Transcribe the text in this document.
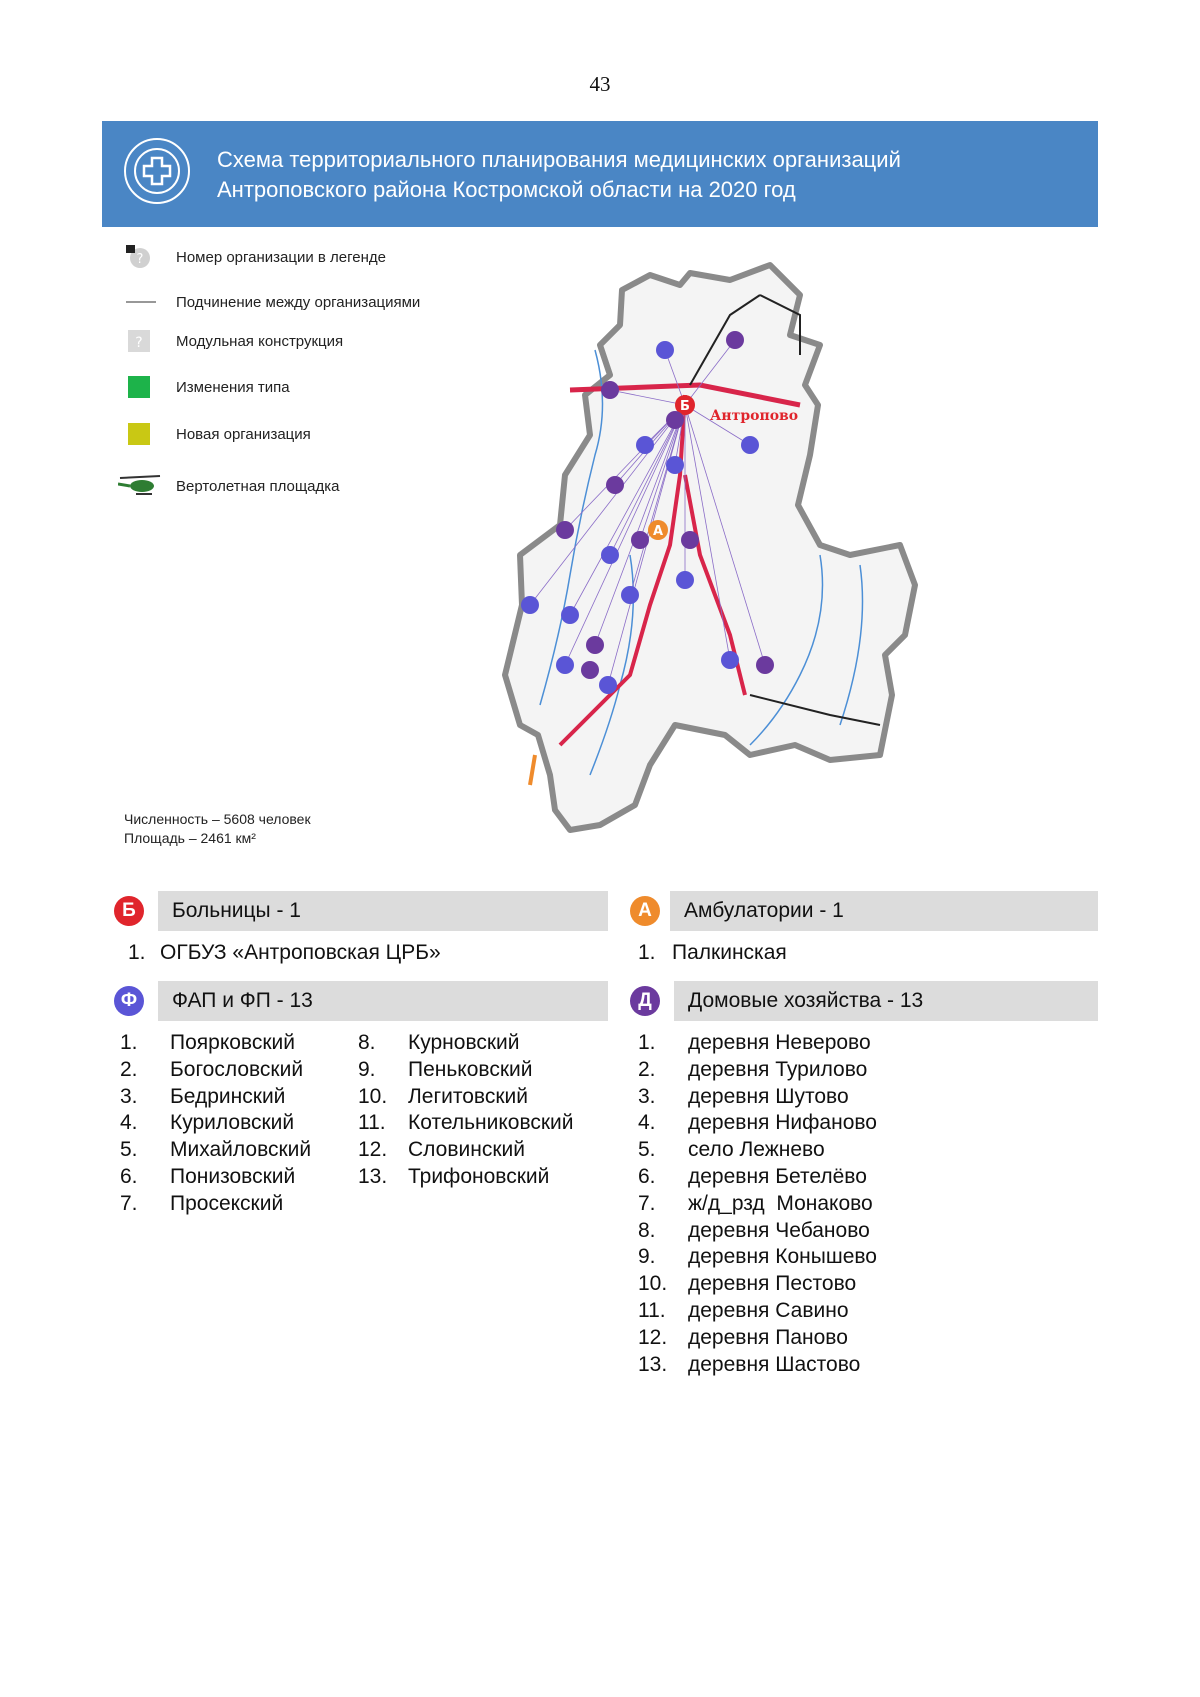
43
Схема территориального планирования медицинских организаций
Антроповского района Костромской области на 2020 год
? Номер организации в легенде
Подчинение между организациями
? Модульная конструкция
Изменения типа
Новая организация
Вертолетная площадка
Численность – 5608 человек
Площадь – 2461 км²
Б
Антропово
А
Б	Больницы - 1
1. ОГБУЗ «Антроповская ЦРБ»
А	Амбулатории - 1
1. Палкинская
Ф	ФАП и ФП - 13
1. Поярковский
2. Богословский
3. Бедринский
4. Куриловский
5. Михайловский
6. Понизовский
7. Просекский
8. Курновский
9. Пеньковский
10. Легитовский
11. Котельниковский
12. Словинский
13. Трифоновский
Д	Домовые хозяйства - 13
1. деревня Неверово
2. деревня Турилово
3. деревня Шутово
4. деревня Нифаново
5. село Лежнево
6. деревня Бетелёво
7. ж/д_рзд  Монаково
8. деревня Чебаново
9. деревня Конышево
10. деревня Пестово
11. деревня Савино
12. деревня Паново
13. деревня Шастово
